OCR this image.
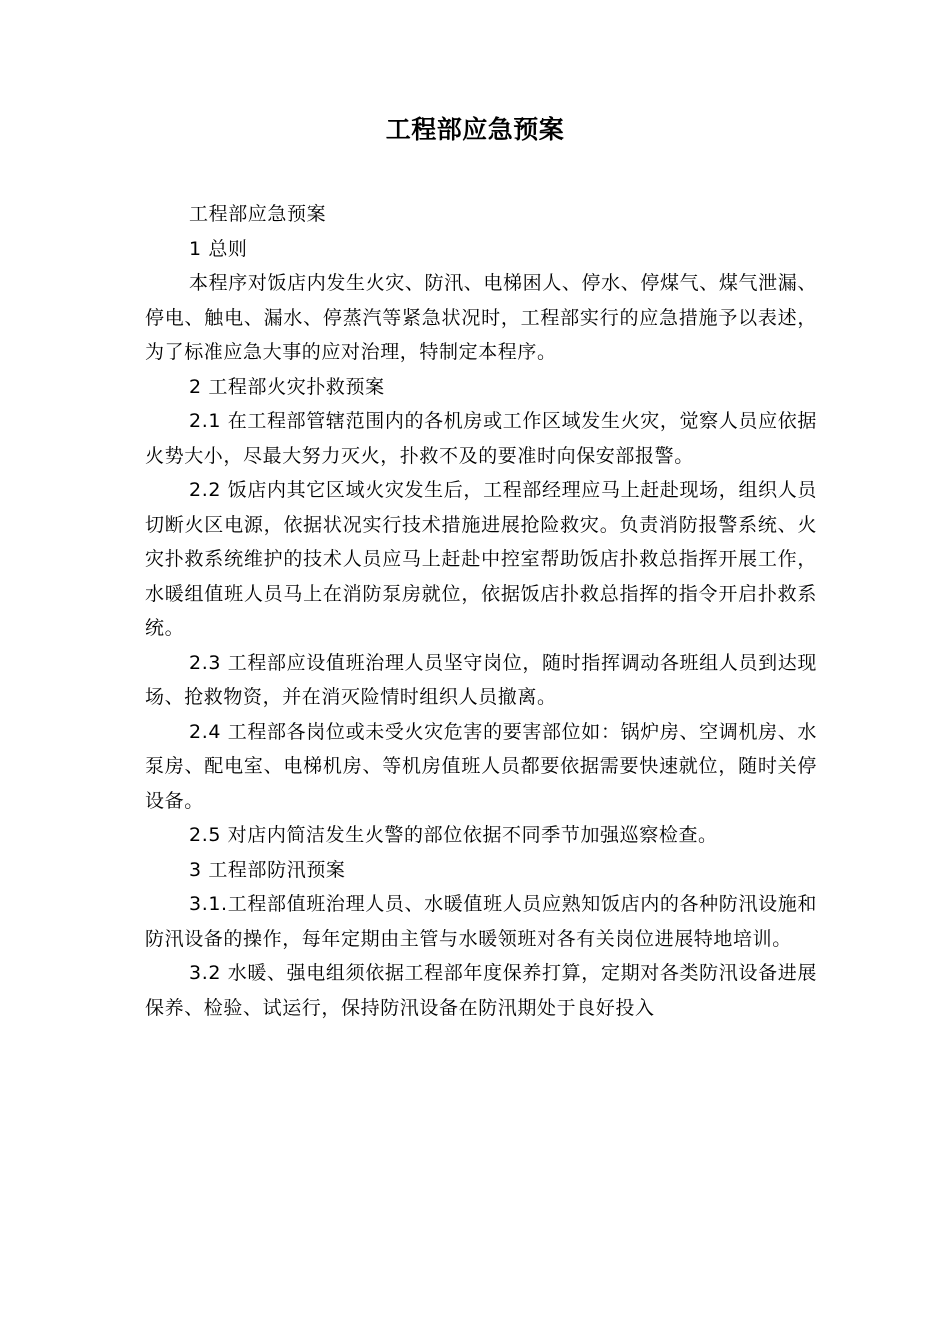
工程部应急预案

工程部应急预案

1 总则

本程序对饭店内发生火灾、防汛、电梯困人、停水、停煤气、煤气泄漏、停电、触电、漏水、停蒸汽等紧急状况时，工程部实行的应急措施予以表述，为了标准应急大事的应对治理，特制定本程序。

2 工程部火灾扑救预案

2.1 在工程部管辖范围内的各机房或工作区域发生火灾，觉察人员应依据火势大小，尽最大努力灭火，扑救不及的要准时向保安部报警。

2.2 饭店内其它区域火灾发生后，工程部经理应马上赶赴现场，组织人员切断火区电源，依据状况实行技术措施进展抢险救灾。负责消防报警系统、火灾扑救系统维护的技术人员应马上赶赴中控室帮助饭店扑救总指挥开展工作，水暖组值班人员马上在消防泵房就位，依据饭店扑救总指挥的指令开启扑救系统。

2.3 工程部应设值班治理人员坚守岗位，随时指挥调动各班组人员到达现场、抢救物资，并在消灭险情时组织人员撤离。

2.4 工程部各岗位或未受火灾危害的要害部位如：锅炉房、空调机房、水泵房、配电室、电梯机房、等机房值班人员都要依据需要快速就位，随时关停设备。

2.5 对店内简洁发生火警的部位依据不同季节加强巡察检查。

3 工程部防汛预案

3.1.工程部值班治理人员、水暖值班人员应熟知饭店内的各种防汛设施和防汛设备的操作，每年定期由主管与水暖领班对各有关岗位进展特地培训。

3.2 水暖、强电组须依据工程部年度保养打算，定期对各类防汛设备进展保养、检验、试运行，保持防汛设备在防汛期处于良好投入
